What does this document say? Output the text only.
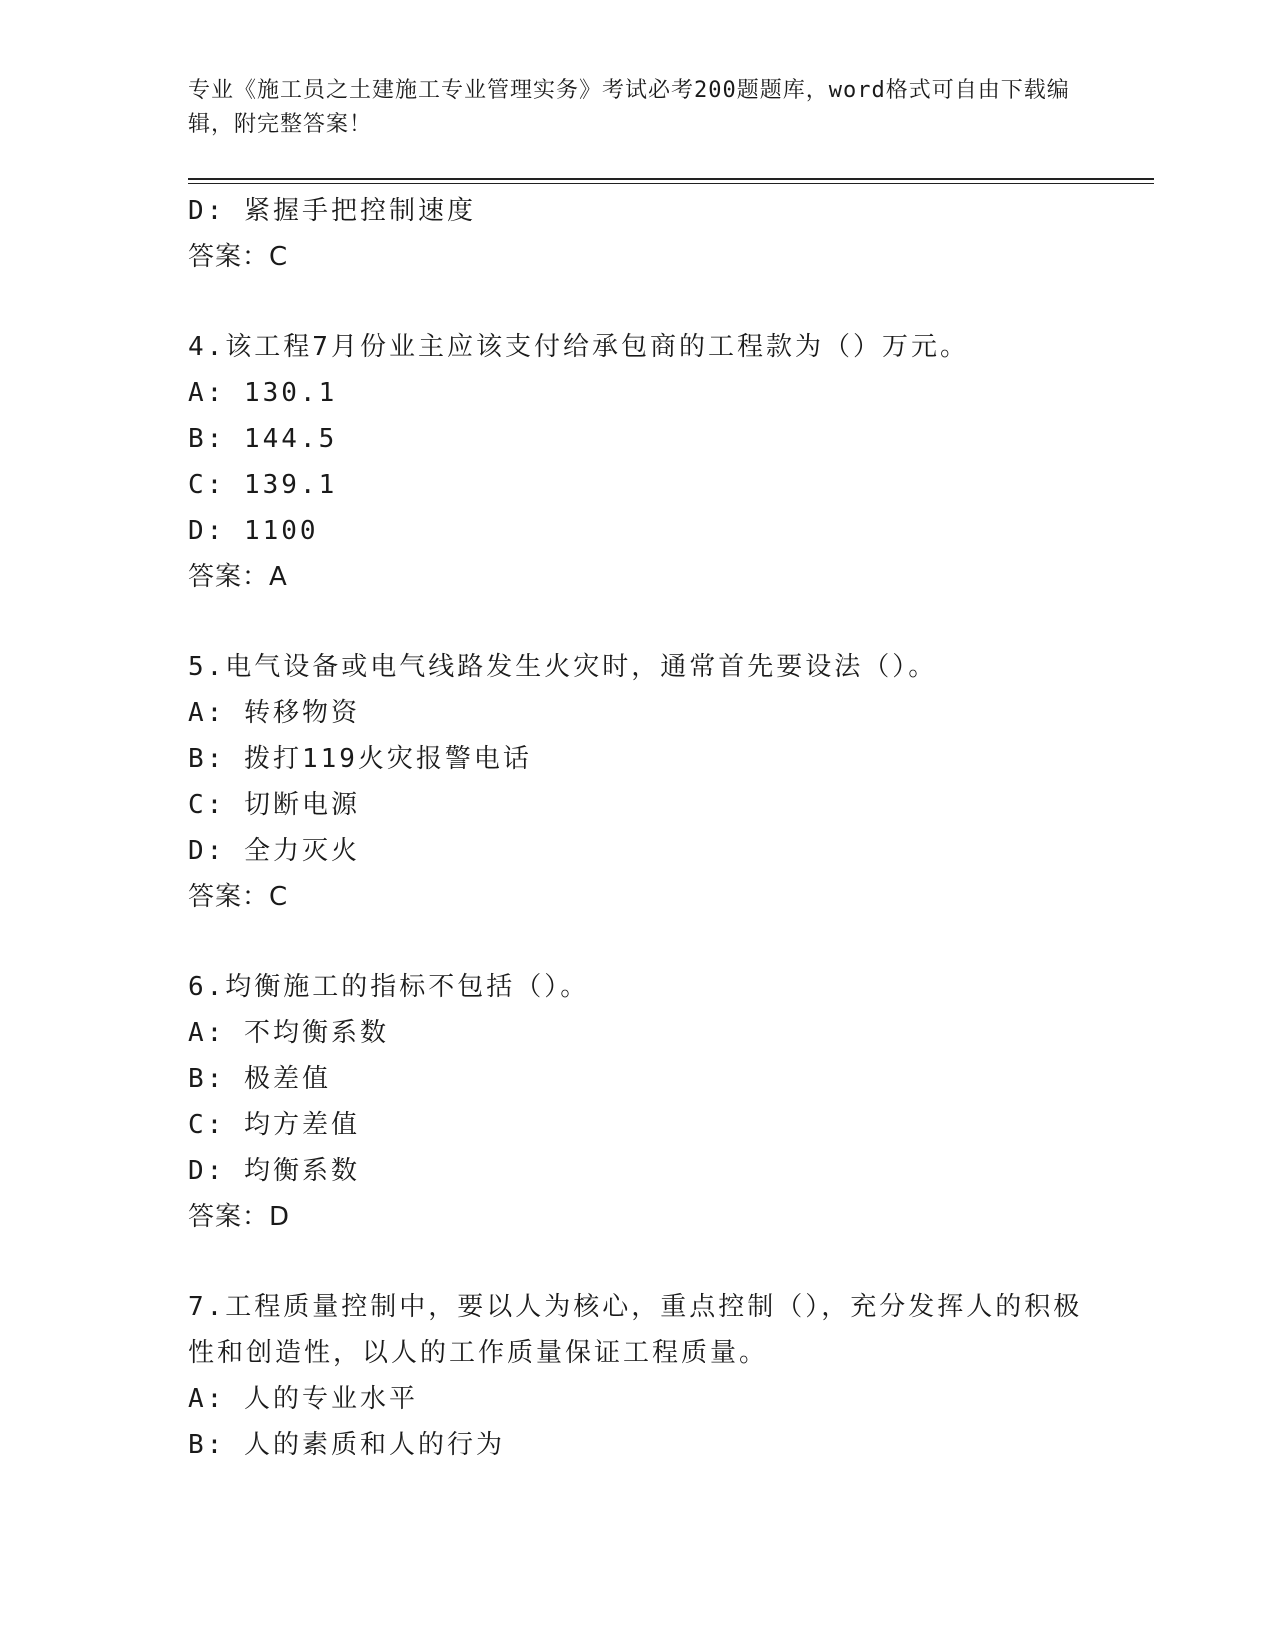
专业《施工员之土建施工专业管理实务》考试必考200题题库，word格式可自由下载编辑，附完整答案！
D: 紧握手把控制速度
答案：C
4.该工程7月份业主应该支付给承包商的工程款为（）万元。
A: 130.1
B: 144.5
C: 139.1
D: 1100
答案：A
5.电气设备或电气线路发生火灾时，通常首先要设法（）。
A: 转移物资
B: 拨打119火灾报警电话
C: 切断电源
D: 全力灭火
答案：C
6.均衡施工的指标不包括（）。
A: 不均衡系数
B: 极差值
C: 均方差值
D: 均衡系数
答案：D
7.工程质量控制中，要以人为核心，重点控制（），充分发挥人的积极性和创造性，以人的工作质量保证工程质量。
A: 人的专业水平
B: 人的素质和人的行为
